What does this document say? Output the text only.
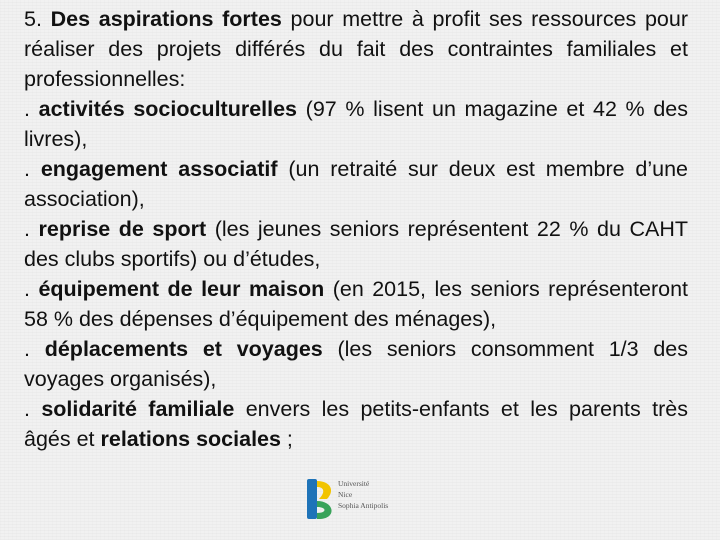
5. Des aspirations fortes pour mettre à profit ses ressources pour réaliser des projets différés du fait des contraintes familiales et professionnelles:

. activités socioculturelles (97 % lisent un magazine et 42 % des livres),

. engagement associatif (un retraité sur deux est membre d’une association),

. reprise de sport (les jeunes seniors représentent 22 % du CAHT des clubs sportifs) ou d’études,

. équipement de leur maison (en 2015, les seniors représenteront 58 % des dépenses d’équipement des ménages),

. déplacements et voyages (les seniors consomment 1/3 des voyages organisés),

. solidarité familiale envers les petits-enfants et les parents très âgés et relations sociales ;

Université
Nice
Sophia Antipolis
